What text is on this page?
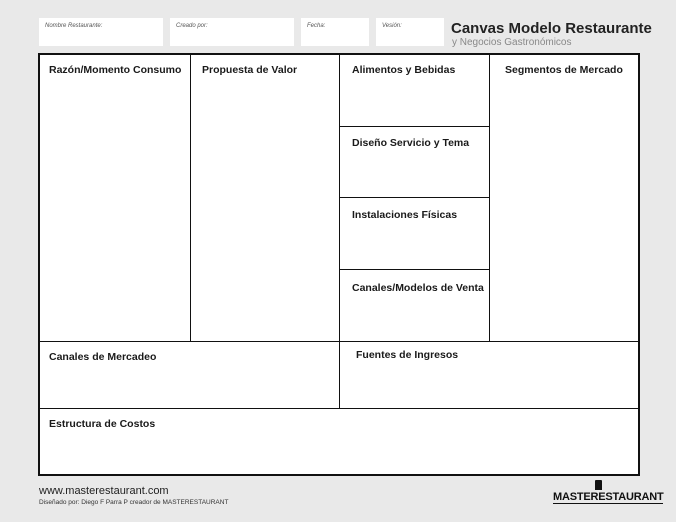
Nombre Restaurante:	Creado por:	Fecha:	Vesión:	Canvas Modelo Restaurante
y Negocios Gastronómicos
Razón/Momento Consumo Propuesta de Valor	Alimentos y Bebidas
Diseño Servicio y Tema
Instalaciones Físicas
Canales/Modelos de Venta
Segmentos de Mercado
Canales de Mercadeo	Fuentes de Ingresos
Estructura de Costos
www.masterestaurant.com
Diseñado por: Diego F Parra P creador de MASTERESTAURANT	MASTERESTAURANT
